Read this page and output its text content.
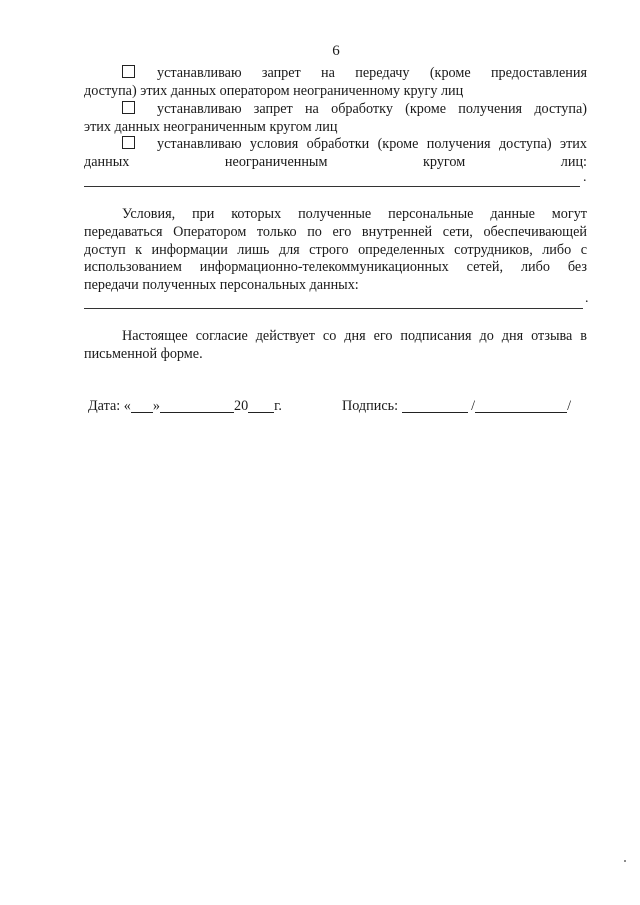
6
устанавливаю запрет на передачу (кроме предоставления
доступа) этих данных оператором неограниченному кругу лиц
устанавливаю запрет на обработку (кроме получения доступа)
этих данных неограниченным кругом лиц
устанавливаю условия обработки (кроме получения доступа) этих
данных неограниченным кругом лиц:
.
Условия, при которых полученные персональные данные могут
передаваться Оператором только по его внутренней сети, обеспечивающей
доступ к информации лишь для строго определенных сотрудников, либо с
использованием информационно-телекоммуникационных сетей, либо без
передачи полученных персональных данных:
.
Настоящее согласие действует со дня его подписания до дня отзыва в
письменной форме.
Дата: « »	20 г.	Подпись:	/	/
